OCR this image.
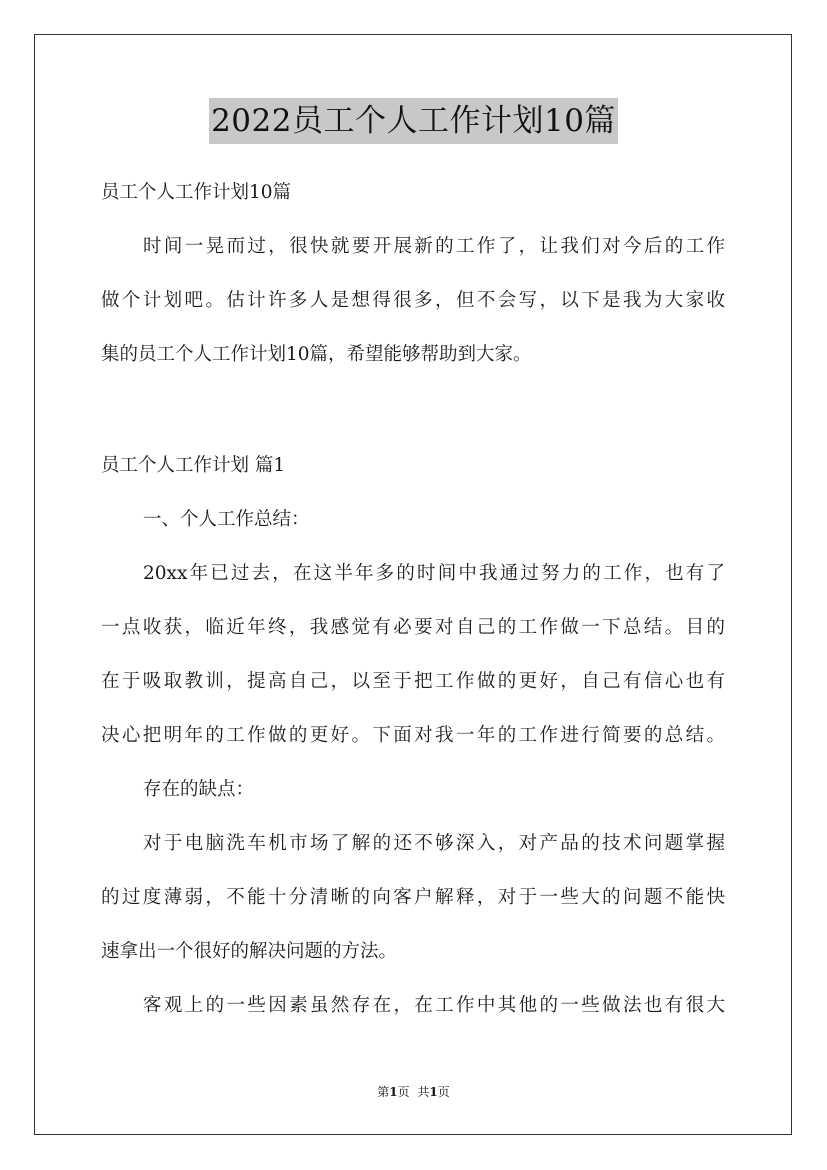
2022员工个人工作计划10篇
员工个人工作计划10篇
时间一晃而过，很快就要开展新的工作了，让我们对今后的工作
做个计划吧。估计许多人是想得很多，但不会写，以下是我为大家收
集的员工个人工作计划10篇，希望能够帮助到大家。
员工个人工作计划 篇1
一、个人工作总结：
20xx年已过去，在这半年多的时间中我通过努力的工作，也有了
一点收获，临近年终，我感觉有必要对自己的工作做一下总结。目的
在于吸取教训，提高自己，以至于把工作做的更好，自己有信心也有
决心把明年的工作做的更好。下面对我一年的工作进行简要的总结。
存在的缺点：
对于电脑洗车机市场了解的还不够深入，对产品的技术问题掌握
的过度薄弱，不能十分清晰的向客户解释，对于一些大的问题不能快
速拿出一个很好的解决问题的方法。
客观上的一些因素虽然存在，在工作中其他的一些做法也有很大
第1页 共1页
